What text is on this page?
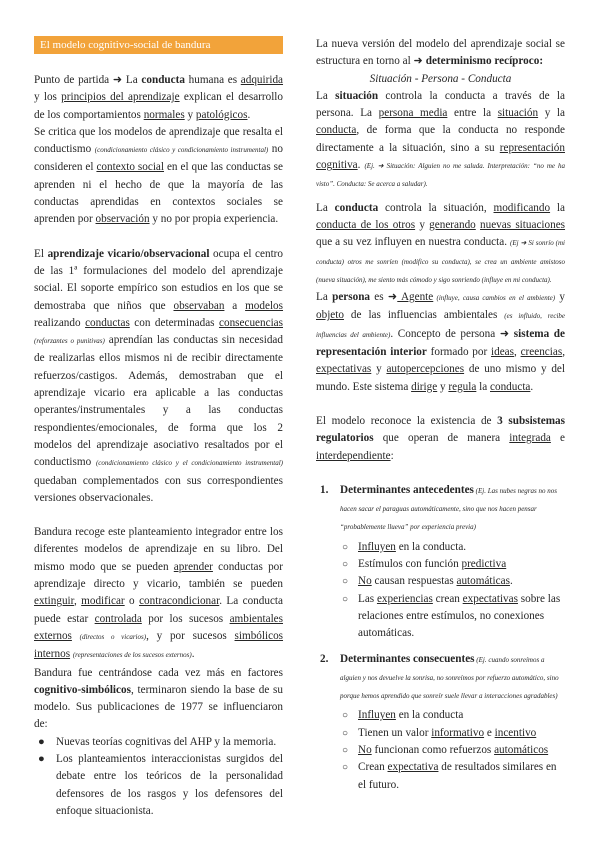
El modelo cognitivo-social de bandura

Punto de partida ➜ La conducta humana es adquirida y los principios del aprendizaje explican el desarrollo de los comportamientos normales y patológicos.

Se critica que los modelos de aprendizaje que resalta el conductismo (condicionamiento clásico y condicionamiento instrumental) no consideren el contexto social en el que las conductas se aprenden ni el hecho de que la mayoría de las conductas aprendidas en contextos sociales se aprenden por observación y no por propia experiencia.

El aprendizaje vicario/observacional ocupa el centro de las 1ª formulaciones del modelo del aprendizaje social. El soporte empírico son estudios en los que se demostraba que niños que observaban a modelos realizando conductas con determinadas consecuencias (reforzantes o punitivas) aprendían las conductas sin necesidad de realizarlas ellos mismos ni de recibir directamente refuerzos/castigos. Además, demostraban que el aprendizaje vicario era aplicable a las conductas operantes/instrumentales y a las conductas respondientes/emocionales, de forma que los 2 modelos del aprendizaje asociativo resaltados por el conductismo (condicionamiento clásico y el condicionamiento instrumental) quedaban complementados con sus correspondientes versiones observacionales.

Bandura recoge este planteamiento integrador entre los diferentes modelos de aprendizaje en su libro. Del mismo modo que se pueden aprender conductas por aprendizaje directo y vicario, también se pueden extinguir, modificar o contracondicionar. La conducta puede estar controlada por los sucesos ambientales externos (directos o vicarios), y por sucesos simbólicos internos (representaciones de los sucesos externos).

Bandura fue centrándose cada vez más en factores cognitivo-simbólicos, terminaron siendo la base de su modelo. Sus publicaciones de 1977 se influenciaron de:

● Nuevas teorías cognitivas del AHP y la memoria.
● Los planteamientos interaccionistas surgidos del debate entre los teóricos de la personalidad defensores de los rasgos y los defensores del enfoque situacionista.

La nueva versión del modelo del aprendizaje social se estructura en torno al ➜ determinismo recíproco:

Situación - Persona - Conducta

La situación controla la conducta a través de la persona. La persona media entre la situación y la conducta, de forma que la conducta no responde directamente a la situación, sino a su representación cognitiva. (Ej. ➜ Situación: Alguien no me saluda. Interpretación: “no me ha visto”. Conducta: Se acerca a saludar).

La conducta controla la situación, modificando la conducta de los otros y generando nuevas situaciones que a su vez influyen en nuestra conducta. (Ej ➜ Si sonrío (mi conducta) otros me sonríen (modifico su conducta), se crea un ambiente amistoso (nueva situación), me siento más cómodo y sigo sonriendo (influye en mi conducta).

La persona es ➜ Agente (influye, causa cambios en el ambiente) y objeto de las influencias ambientales (es influido, recibe influencias del ambiente). Concepto de persona ➜ sistema de representación interior formado por ideas, creencias, expectativas y autopercepciones de uno mismo y del mundo. Este sistema dirige y regula la conducta.

El modelo reconoce la existencia de 3 subsistemas regulatorios que operan de manera integrada e interdependiente:

1. Determinantes antecedentes (Ej. Las nubes negras no nos hacen sacar el paraguas automáticamente, sino que nos hacen pensar “probablemente llueva” por experiencia previa)

○ Influyen en la conducta.
○ Estímulos con función predictiva
○ No causan respuestas automáticas.
○ Las experiencias crean expectativas sobre las relaciones entre estímulos, no conexiones automáticas.
2. Determinantes consecuentes (Ej. cuando sonreímos a alguien y nos devuelve la sonrisa, no sonreímos por refuerzo automático, sino porque hemos aprendido que sonreír suele llevar a interacciones agradables)

○ Influyen en la conducta
○ Tienen un valor informativo e incentivo
○ No funcionan como refuerzos automáticos
○ Crean expectativa de resultados similares en el futuro.
